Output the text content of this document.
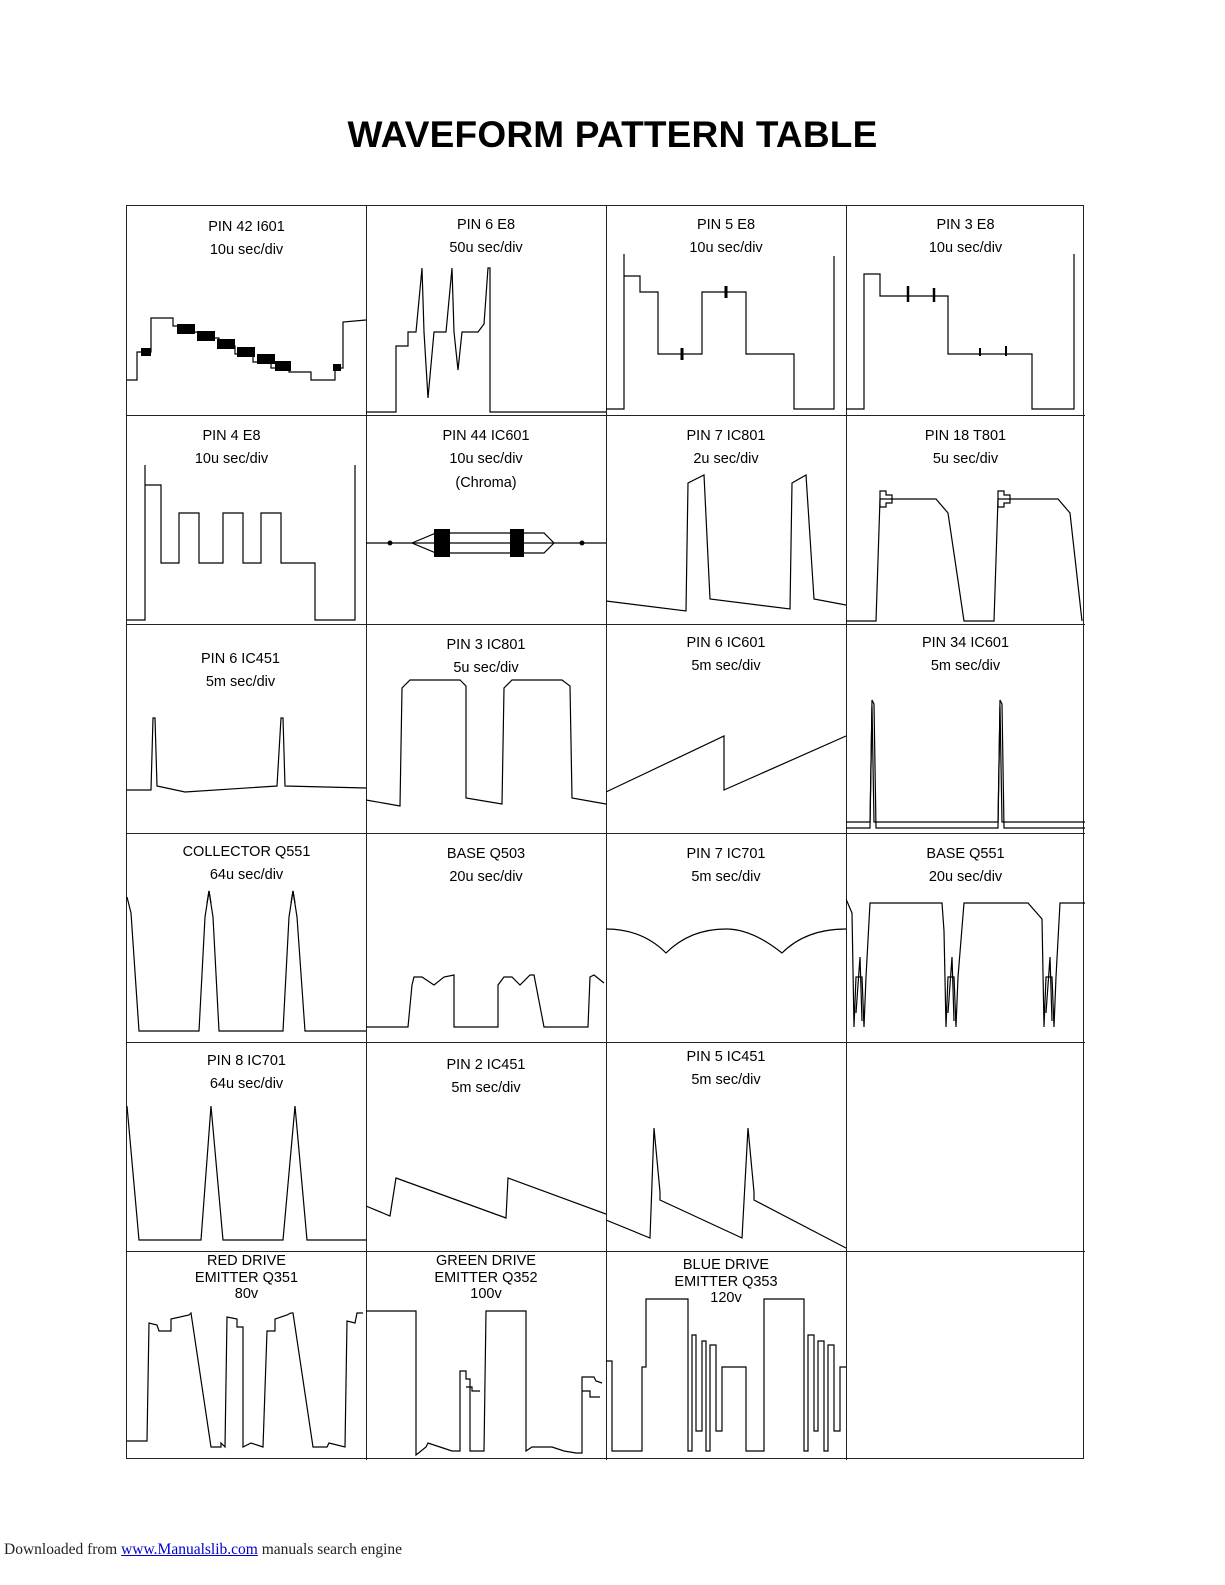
WAVEFORM PATTERN TABLE
PIN 42 I601
10u sec/div
PIN 6 E8
50u sec/div
PIN 5 E8
10u sec/div
PIN 3 E8
10u sec/div
PIN 4 E8
10u sec/div
PIN 44 IC601
10u sec/div
(Chroma)
PIN 7 IC801
2u sec/div
PIN 18 T801
5u sec/div
PIN 6 IC451
5m sec/div
PIN 3 IC801
5u sec/div
PIN 6 IC601
5m sec/div
PIN 34 IC601
5m sec/div
COLLECTOR Q551
64u sec/div
BASE Q503
20u sec/div
PIN 7 IC701
5m sec/div
BASE Q551
20u sec/div
PIN 8 IC701
64u sec/div
PIN 2 IC451
5m sec/div
PIN 5 IC451
5m sec/div
RED DRIVE
EMITTER Q351
80v
GREEN DRIVE
EMITTER Q352
100v
BLUE DRIVE
EMITTER Q353
120v
Downloaded from www.Manualslib.com manuals search engine
